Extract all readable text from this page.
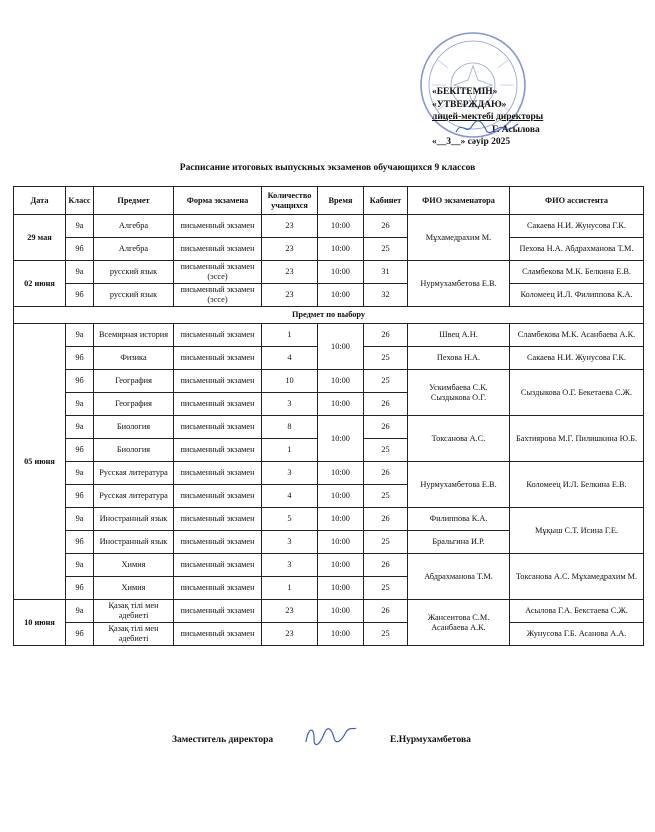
«БЕКІТЕМІН»
«УТВЕРЖДАЮ»
лицей-мектебі директоры
Г. Асылова
«__3__» сәуір 2025
Расписание итоговых выпускных экзаменов обучающихся 9 классов
Дата	Класс	Предмет	Форма экзамена	Количество учащихся	Время	Кабинет	ФИО экзаменатора	ФИО ассистента
29 мая	9а	Алгебра	письменный экзамен	23	10:00	26	Мұхамедрахим М.	Сакаева Н.И. Жунусова Г.К.
	9б	Алгебра	письменный экзамен	23	10:00	25		Пехова Н.А. Абдрахманова Т.М.
02 июня	9а	русский язык	письменный экзамен (эссе)	23	10:00	31	Нурмухамбетова Е.В.	Сламбекова М.К. Белкина Е.В.
	9б	русский язык	письменный экзамен (эссе)	23	10:00	32		Коломеец И.Л. Филиппова К.А.
Предмет по выбору								
05 июня	9а	Всемирная история	письменный экзамен	1	10:00	26	Швец А.Н.	Сламбекова М.К. Асанбаева А.К.
	9б	Физика	письменный экзамен	4		25	Пехова Н.А.	Сакаева Н.И. Жунусова Г.К.
	9б	География	письменный экзамен	10	10:00	25	Ускимбаева С.К. Сыздыкова О.Г.	Сыздыкова О.Г. Бекетаева С.Ж.
	9а	География	письменный экзамен	3	10:00	26		
	9а	Биология	письменный экзамен	8	10:00	26	Токсанова А.С.	Бахтиярова М.Г. Пилишкина Ю.Б.
	9б	Биология	письменный экзамен	1		25		
	9а	Русская литература	письменный экзамен	3	10:00	26	Нурмухамбетова Е.В.	Коломеец И.Л. Белкина Е.В.
	9б	Русская литература	письменный экзамен	4	10:00	25		
	9а	Иностранный язык	письменный экзамен	5	10:00	26	Филиппова К.А.	Мұқыш С.Т. Исина Г.Е.
	9б	Иностранный язык	письменный экзамен	3	10:00	25	Бральгина И.Р.	
	9а	Химия	письменный экзамен	3	10:00	26	Абдрахманова Т.М.	Токсанова А.С. Мұхамедрахим М.
	9б	Химия	письменный экзамен	1	10:00	25		
10 июня	9а	Қазақ тілі мен әдебиеті	письменный экзамен	23	10:00	26	Жансеитова С.М. Асанбаева А.К.	Асылова Г.А. Бекстаева С.Ж.
	9б	Қазақ тілі мен әдебиеті	письменный экзамен	23	10:00	25		Жунусова Г.Б. Асанова А.А.
Заместитель директора	Е.Нурмухамбетова
